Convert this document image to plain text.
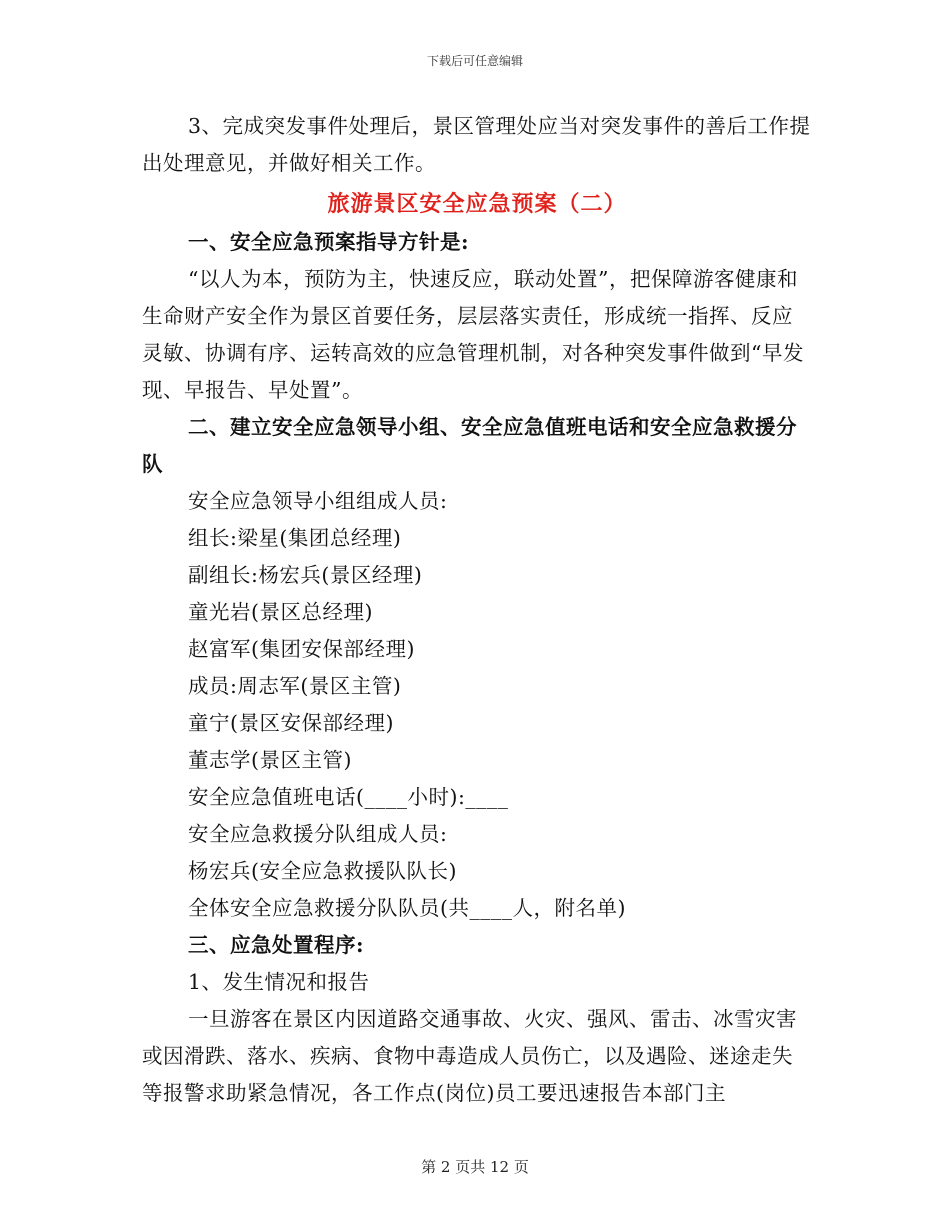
下载后可任意编辑

3、完成突发事件处理后，景区管理处应当对突发事件的善后工作提出处理意见，并做好相关工作。

旅游景区安全应急预案（二）

一、安全应急预案指导方针是:

“以人为本，预防为主，快速反应，联动处置”，把保障游客健康和生命财产安全作为景区首要任务，层层落实责任，形成统一指挥、反应灵敏、协调有序、运转高效的应急管理机制，对各种突发事件做到“早发现、早报告、早处置”。

二、建立安全应急领导小组、安全应急值班电话和安全应急救援分队

安全应急领导小组组成人员:

组长:梁星(集团总经理)

副组长:杨宏兵(景区经理)

童光岩(景区总经理)

赵富军(集团安保部经理)

成员:周志军(景区主管)

童宁(景区安保部经理)

董志学(景区主管)

安全应急值班电话(____小时):____

安全应急救援分队组成人员:

杨宏兵(安全应急救援队队长)

全体安全应急救援分队队员(共____人，附名单)

三、应急处置程序:

1、发生情况和报告

一旦游客在景区内因道路交通事故、火灾、强风、雷击、冰雪灾害或因滑跌、落水、疾病、食物中毒造成人员伤亡，以及遇险、迷途走失等报警求助紧急情况，各工作点(岗位)员工要迅速报告本部门主

第 2 页共 12 页
